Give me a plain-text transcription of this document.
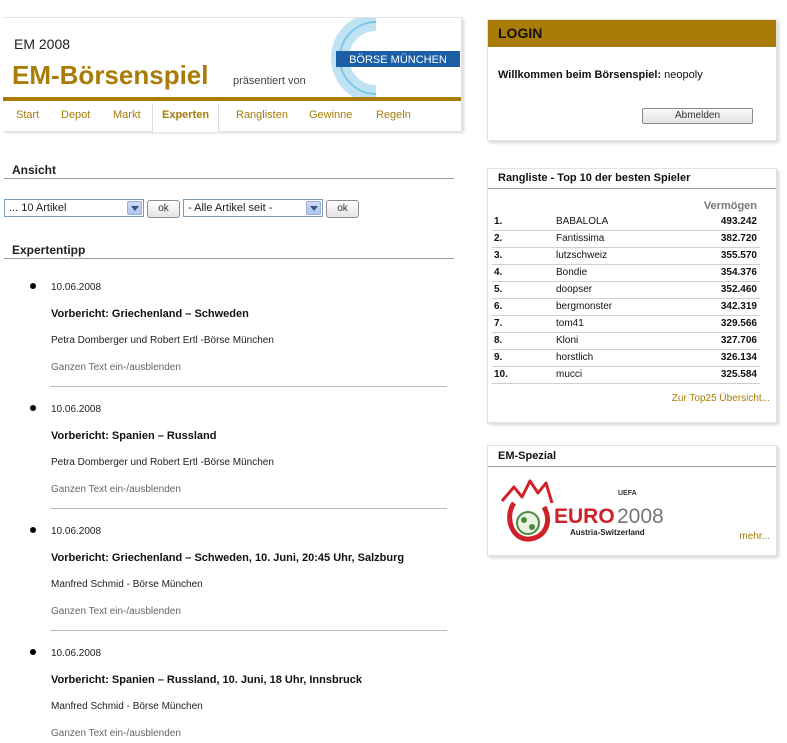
EM 2008
EM-Börsenspiel präsentiert von
BÖRSE MÜNCHEN
Start Depot Markt	Experten	Ranglisten Gewinne Regeln
Ansicht
... 10 Artikel	ok	- Alle Artikel seit -	ok
Expertentipp
10.06.2008
Vorbericht: Griechenland – Schweden
Petra Domberger und Robert Ertl -Börse München
Ganzen Text ein-/ausblenden
10.06.2008
Vorbericht: Spanien – Russland
Petra Domberger und Robert Ertl -Börse München
Ganzen Text ein-/ausblenden
10.06.2008
Vorbericht: Griechenland – Schweden, 10. Juni, 20:45 Uhr, Salzburg
Manfred Schmid - Börse München
Ganzen Text ein-/ausblenden
10.06.2008
Vorbericht: Spanien – Russland, 10. Juni, 18 Uhr, Innsbruck
Manfred Schmid - Börse München
Ganzen Text ein-/ausblenden
LOGIN
Willkommen beim Börsenspiel: neopoly
Abmelden
Rangliste - Top 10 der besten Spieler
Vermögen
1.	BABALOLA	493.242
2.	Fantissima	382.720
3.	lutzschweiz	355.570
4.	Bondie	354.376
5.	doopser	352.460
6.	bergmonster	342.319
7.	tom41	329.566
8.	Kloni	327.706
9.	horstlich	326.134
10.	mucci	325.584
Zur Top25 Übersicht...
EM-Spezial
UEFA
EURO 2008
Austria-Switzerland	mehr...
